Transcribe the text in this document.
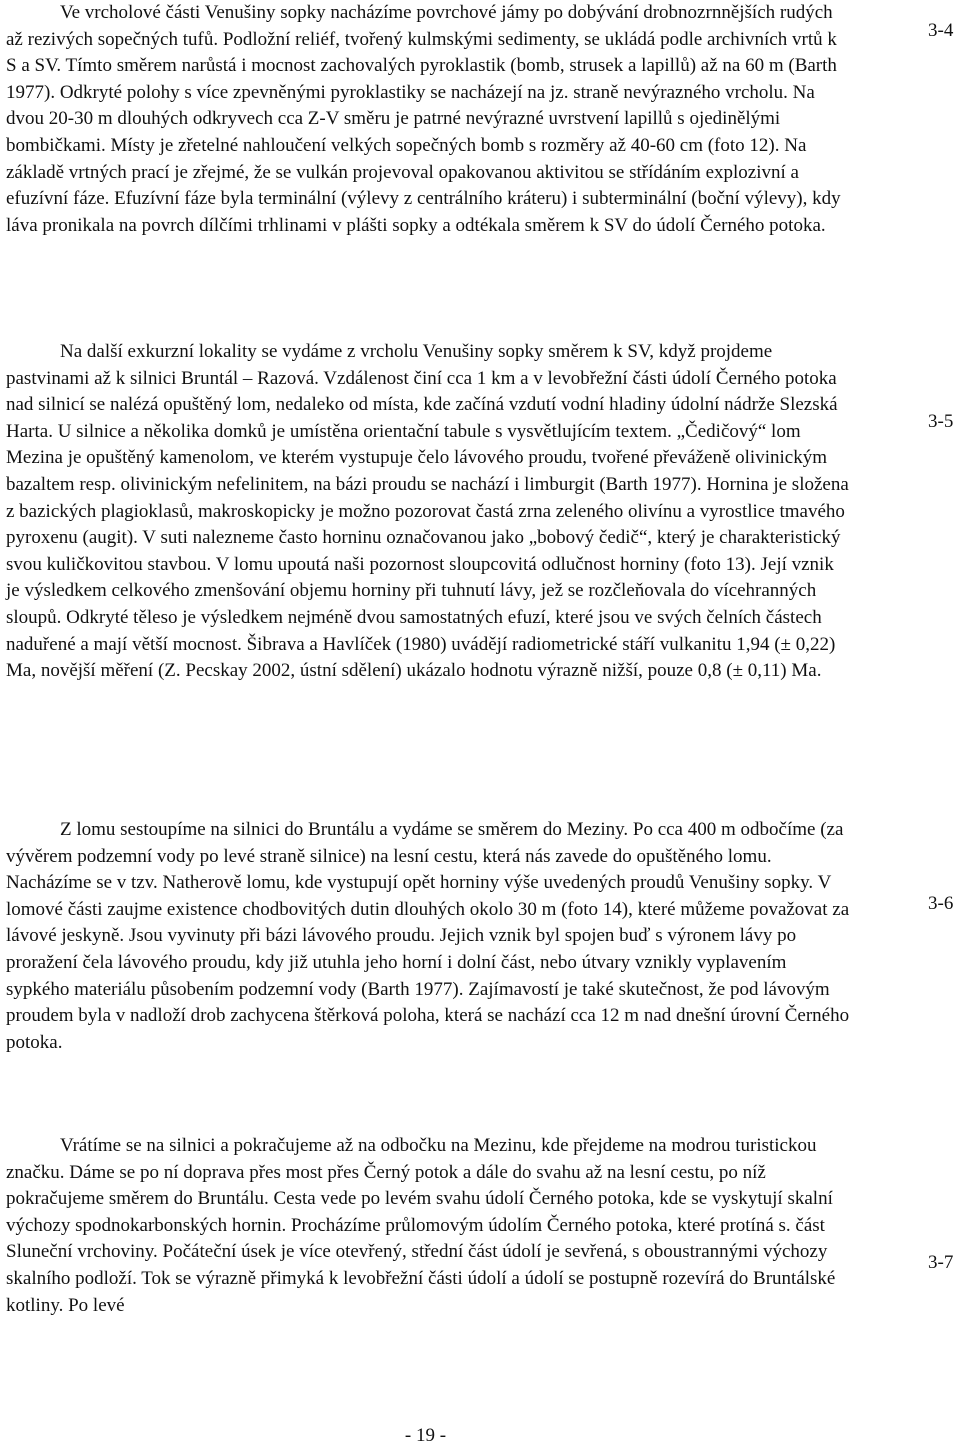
Ve vrcholové části Venušiny sopky nacházíme povrchové jámy po dobývání drobnozrnnějších rudých až rezivých sopečných tufů. Podložní reliéf, tvořený kulmskými sedimenty, se ukládá podle archivních vrtů k S a SV. Tímto směrem narůstá i mocnost zachovalých pyroklastik (bomb, strusek a lapillů) až na 60 m (Barth 1977). Odkryté polohy s více zpevněnými pyroklastiky se nacházejí na jz. straně nevýrazného vrcholu. Na dvou 20-30 m dlouhých odkryvech cca Z-V směru je patrné nevýrazné uvrstvení lapillů s ojedinělými bombičkami. Místy je zřetelné nahloučení velkých sopečných bomb s rozměry až 40-60 cm (foto 12). Na základě vrtných prací je zřejmé, že se vulkán projevoval opakovanou aktivitou se střídáním explozivní a efuzívní fáze. Efuzívní fáze byla terminální (výlevy z centrálního kráteru) i subterminální (boční výlevy), kdy láva pronikala na povrch dílčími trhlinami v plášti sopky a odtékala směrem k SV do údolí Černého potoka.

Na další exkurzní lokality se vydáme z vrcholu Venušiny sopky směrem k SV, když projdeme pastvinami až k silnici Bruntál – Razová. Vzdálenost činí cca 1 km a v levobřežní části údolí Černého potoka nad silnicí se nalézá opuštěný lom, nedaleko od místa, kde začíná vzdutí vodní hladiny údolní nádrže Slezská Harta. U silnice a několika domků je umístěna orientační tabule s vysvětlujícím textem. „Čedičový“ lom Mezina je opuštěný kamenolom, ve kterém vystupuje čelo lávového proudu, tvořené převáženě olivinickým bazaltem resp. olivinickým nefelinitem, na bázi proudu se nachází i limburgit (Barth 1977). Hornina je složena z bazických plagioklasů, makroskopicky je možno pozorovat častá zrna zeleného olivínu a vyrostlice tmavého pyroxenu (augit). V suti nalezneme často horninu označovanou jako „bobový čedič“, který je charakteristický svou kuličkovitou stavbou. V lomu upoutá naši pozornost sloupcovitá odlučnost horniny (foto 13). Její vznik je výsledkem celkového zmenšování objemu horniny při tuhnutí lávy, jež se rozčleňovala do vícehranných sloupů. Odkryté těleso je výsledkem nejméně dvou samostatných efuzí, které jsou ve svých čelních částech naduřené a mají větší mocnost. Šibrava a Havlíček (1980) uvádějí radiometrické stáří vulkanitu 1,94 (± 0,22) Ma, novější měření (Z. Pecskay 2002, ústní sdělení) ukázalo hodnotu výrazně nižší, pouze 0,8 (± 0,11) Ma.

Z lomu sestoupíme na silnici do Bruntálu a vydáme se směrem do Meziny. Po cca 400 m odbočíme (za vývěrem podzemní vody po levé straně silnice) na lesní cestu, která nás zavede do opuštěného lomu. Nacházíme se v tzv. Natherově lomu, kde vystupují opět horniny výše uvedených proudů Venušiny sopky. V lomové části zaujme existence chodbovitých dutin dlouhých okolo 30 m (foto 14), které můžeme považovat za lávové jeskyně. Jsou vyvinuty při bázi lávového proudu. Jejich vznik byl spojen buď s výronem lávy po proražení čela lávového proudu, kdy již utuhla jeho horní i dolní část, nebo útvary vznikly vyplavením sypkého materiálu působením podzemní vody (Barth 1977). Zajímavostí je také skutečnost, že pod lávovým proudem byla v nadloží drob zachycena štěrková poloha, která se nachází cca 12 m nad dnešní úrovní Černého potoka.

Vrátíme se na silnici a pokračujeme až na odbočku na Mezinu, kde přejdeme na modrou turistickou značku. Dáme se po ní doprava přes most přes Černý potok a dále do svahu až na lesní cestu, po níž pokračujeme směrem do Bruntálu. Cesta vede po levém svahu údolí Černého potoka, kde se vyskytují skalní výchozy spodnokarbonských hornin. Procházíme průlomovým údolím Černého potoka, které protíná s. část Sluneční vrchoviny. Počáteční úsek je více otevřený, střední část údolí je sevřená, s oboustrannými výchozy skalního podloží. Tok se výrazně přimyká k levobřežní části údolí a údolí se postupně rozevírá do Bruntálské kotliny. Po levé

3-4
3-5
3-6
3-7
- 19 -
